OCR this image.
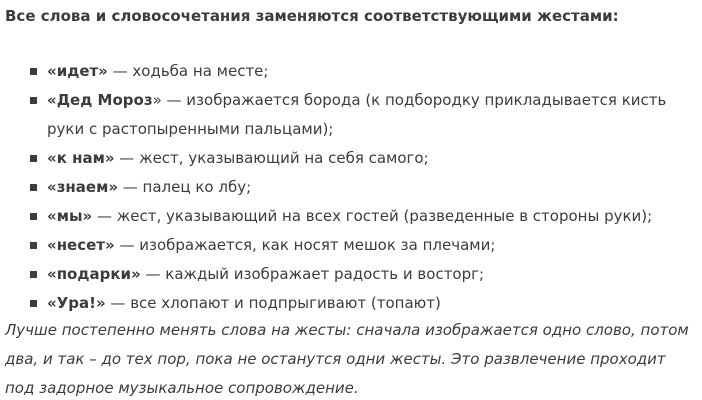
Все слова и словосочетания заменяются соответствующими жестами:
«идет» — ходьба на месте;
«Дед Мороз» — изображается борода (к подбородку прикладывается кисть руки с растопыренными пальцами);
«к нам» — жест, указывающий на себя самого;
«знаем» — палец ко лбу;
«мы» — жест, указывающий на всех гостей (разведенные в стороны руки);
«несет» — изображается, как носят мешок за плечами;
«подарки» — каждый изображает радость и восторг;
«Ура!» — все хлопают и подпрыгивают (топают)
Лучше постепенно менять слова на жесты: сначала изображается одно слово, потом два, и так – до тех пор, пока не останутся одни жесты. Это развлечение проходит под задорное музыкальное сопровождение.
